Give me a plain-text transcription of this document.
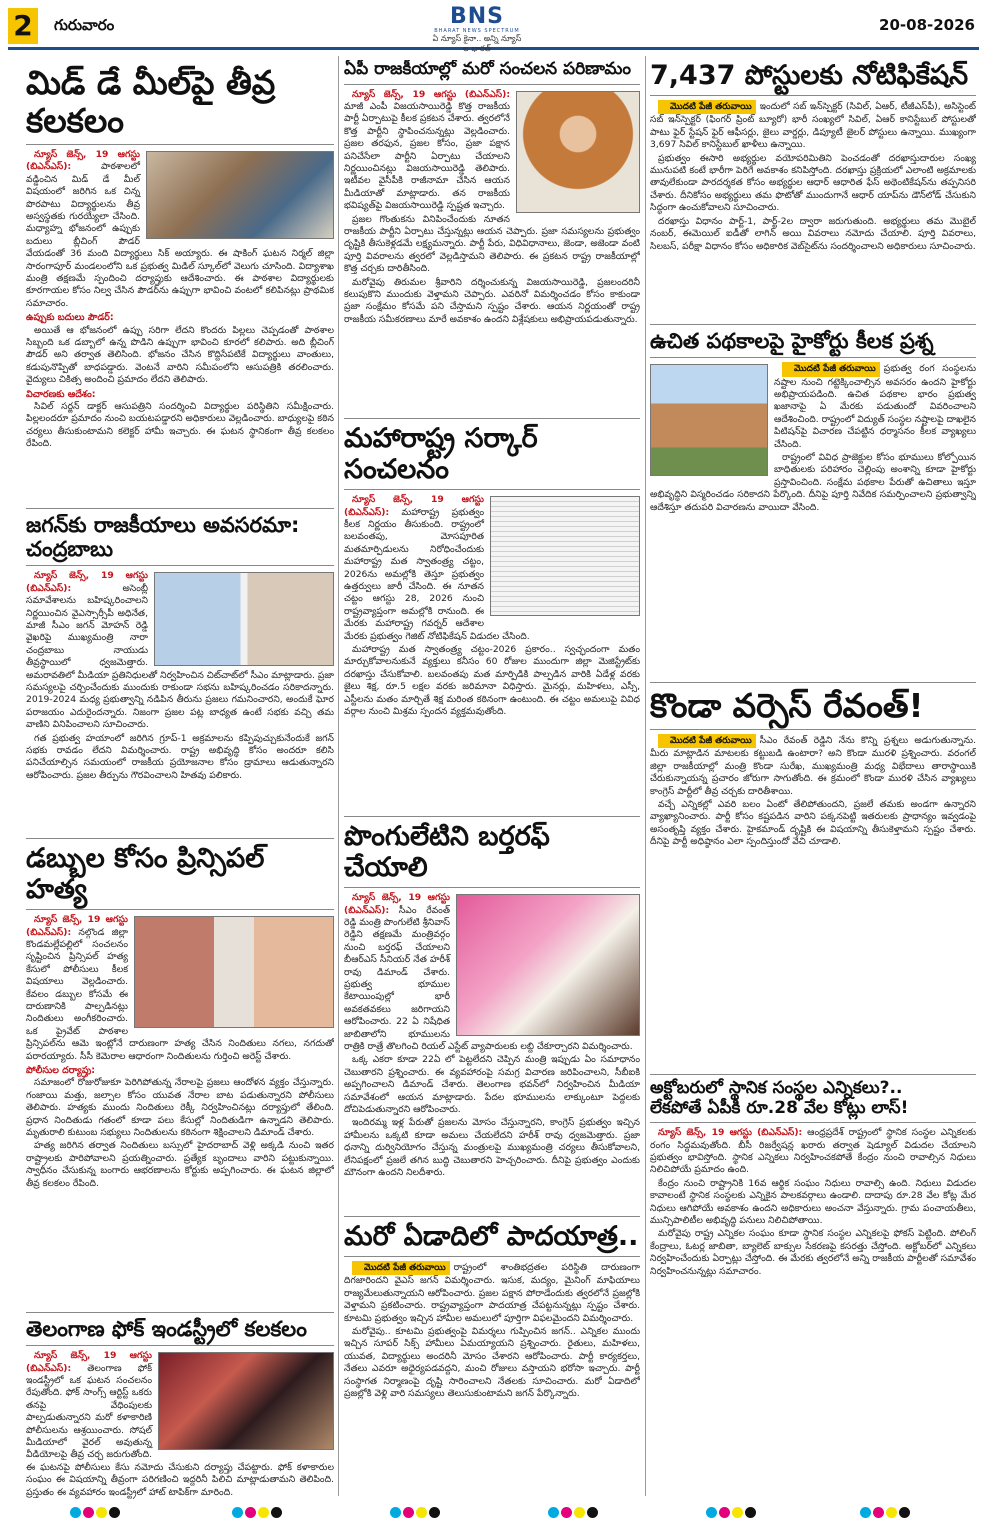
2	గురువారం	BNS
BHARAT NEWS SPECTRUM
ఏ న్యూస్ కైనా.. అన్ని న్యూస్ ల భారత్
20-08-2026
మిడ్ డే మీల్‌పై తీవ్ర కలకలం

న్యూస్ జెన్స్, 19 ఆగస్టు (బిఎన్ఎస్):	పాఠశాలలో వడ్డించిన మిడ్ డే మీల్ విషయంలో జరిగిన ఒక చిన్న పొరపాటు విద్యార్థులను తీవ్ర అస్వస్థతకు గురయ్యేలా చేసింది. మధ్యాహ్న భోజనంలో ఉప్పుకు బదులు బ్లీచింగ్ పౌడర్ వేయడంతో 36 మంది విద్యార్థులు సిక్ అయ్యారు. ఈ షాకింగ్ ఘటన నిర్మల్ జిల్లా సారంగాపూర్ మండలంలోని ఒక ప్రభుత్వ మిడిల్ స్కూల్‌లో వెలుగు చూసింది. విద్యాశాఖ మంత్రి తక్షణమే స్పందించి దర్యాప్తుకు ఆదేశించారు. ఈ పాఠశాల విద్యార్థులకు కూరగాయల కోసం నిల్వ చేసిన పౌడర్‌ను ఉప్పుగా భావించి వంటలో కలిపినట్లు ప్రాథమిక సమాచారం.

ఉప్పుకు బదులు పౌడర్:

అయితే ఆ భోజనంలో ఉప్పు సరిగా లేదని కొందరు పిల్లలు చెప్పడంతో పాఠశాల సిబ్బంది ఒక డబ్బాలో ఉన్న పొడిని ఉప్పుగా భావించి కూరలో కలిపారు. అది బ్లీచింగ్ పౌడర్ అని తర్వాత తెలిసింది. భోజనం చేసిన కొద్దిసేపటికే విద్యార్థులు వాంతులు, కడుపునొప్పితో బాధపడ్డారు. వెంటనే వారిని సమీపంలోని ఆసుపత్రికి తరలించారు. వైద్యులు చికిత్స అందించి ప్రమాదం లేదని తెలిపారు.

విచారణకు ఆదేశం:

సివిల్ సర్జన్ డాక్టర్ ఆసుపత్రిని సందర్శించి విద్యార్థుల పరిస్థితిని సమీక్షించారు. పిల్లలందరూ ప్రమాదం నుంచి బయటపడ్డారని అధికారులు వెల్లడించారు. బాధ్యులపై కఠిన చర్యలు తీసుకుంటామని కలెక్టర్ హామీ ఇచ్చారు. ఈ ఘటన స్థానికంగా తీవ్ర కలకలం రేపింది.

జగన్‌కు రాజకీయాలు అవసరమా: చంద్రబాబు

న్యూస్ జెన్స్, 19 ఆగస్టు (బిఎన్ఎస్):	అసెంబ్లీ సమావేశాలను బహిష్కరించాలని నిర్ణయించిన వైఎస్సార్సీపీ అధినేత, మాజీ సీఎం జగన్ మోహన్ రెడ్డి వైఖరిపై ముఖ్యమంత్రి నారా చంద్రబాబు నాయుడు తీవ్రస్థాయిలో ధ్వజమెత్తారు. అమరావతిలో మీడియా ప్రతినిధులతో నిర్వహించిన చిట్‌చాట్‌లో సీఎం మాట్లాడారు. ప్రజా సమస్యలపై చర్చించేందుకు ముందుకు రాకుండా సభను బహిష్కరించడం సరికాదన్నారు. 2019-2024 మధ్య ప్రభుత్వాన్ని నడిపిన తీరును ప్రజలు గమనించారని, అందుకే ఘోర పరాజయం ఎదురైందన్నారు. నిజంగా ప్రజల పట్ల బాధ్యత ఉంటే సభకు వచ్చి తమ వాణిని వినిపించాలని సూచించారు.

గత ప్రభుత్వ హయాంలో జరిగిన గ్రూప్-1 అక్రమాలను కప్పిపుచ్చుకునేందుకే జగన్ సభకు రావడం లేదని విమర్శించారు. రాష్ట్ర అభివృద్ధి కోసం అందరూ కలిసి పనిచేయాల్సిన సమయంలో రాజకీయ ప్రయోజనాల కోసం డ్రామాలు ఆడుతున్నారని ఆరోపించారు. ప్రజల తీర్పును గౌరవించాలని హితవు పలికారు.

డబ్బుల కోసం ప్రిన్సిపల్ హత్య

న్యూస్ జెన్స్, 19 ఆగస్టు (బిఎన్ఎస్): నల్గొండ జిల్లా కొండమల్లేపల్లిలో సంచలనం సృష్టించిన ప్రిన్సిపల్ హత్య కేసులో పోలీసులు కీలక విషయాలు వెల్లడించారు. కేవలం డబ్బుల కోసమే ఈ దారుణానికి పాల్పడినట్లు నిందితులు అంగీకరించారు. ఒక ప్రైవేట్ పాఠశాల ప్రిన్సిపల్‌ను ఆమె ఇంట్లోనే దారుణంగా హత్య చేసిన నిందితులు నగలు, నగదుతో పరారయ్యారు. సీసీ కెమెరాల ఆధారంగా నిందితులను గుర్తించి అరెస్ట్ చేశారు.

పోలీసుల దర్యాప్తు:

సమాజంలో రోజురోజుకూ పెరిగిపోతున్న నేరాలపై ప్రజలు ఆందోళన వ్యక్తం చేస్తున్నారు. గంజాయి మత్తు, జల్సాల కోసం యువత నేరాల బాట పడుతున్నారని పోలీసులు తెలిపారు. హత్యకు ముందు నిందితులు రెక్కీ నిర్వహించినట్లు దర్యాప్తులో తేలింది. ప్రధాన నిందితుడు గతంలో కూడా పలు కేసుల్లో నిందితుడిగా ఉన్నాడని తెలిపారు. మృతురాలి కుటుంబ సభ్యులు నిందితులను కఠినంగా శిక్షించాలని డిమాండ్ చేశారు.

హత్య జరిగిన తర్వాత నిందితులు బస్సులో హైదరాబాద్ వెళ్లి అక్కడి నుంచి ఇతర రాష్ట్రాలకు పారిపోవాలని ప్రయత్నించారు. ప్రత్యేక బృందాలు వారిని పట్టుకున్నాయి. స్వాధీనం చేసుకున్న బంగారు ఆభరణాలను కోర్టుకు అప్పగించారు. ఈ ఘటన జిల్లాలో తీవ్ర కలకలం రేపింది.

తెలంగాణ ఫోక్ ఇండస్ట్రీలో కలకలం

న్యూస్ జెన్స్, 19 ఆగస్టు (బిఎన్ఎస్): తెలంగాణ ఫోక్ ఇండస్ట్రీలో ఒక ఘటన సంచలనం రేపుతోంది. ఫోక్ సాంగ్స్ ఆర్టిస్ట్ ఒకరు తనపై వేధింపులకు పాల్పడుతున్నారని మరో కళాకారిణి పోలీసులను ఆశ్రయించారు. సోషల్ మీడియాలో వైరల్ అవుతున్న వీడియోలపై తీవ్ర చర్చ జరుగుతోంది. ఈ ఘటనపై పోలీసులు కేసు నమోదు చేసుకుని దర్యాప్తు చేపట్టారు. ఫోక్ కళాకారుల సంఘం ఈ విషయాన్ని తీవ్రంగా పరిగణించి ఇద్దరినీ పిలిచి మాట్లాడుతామని తెలిపింది. ప్రస్తుతం ఈ వ్యవహారం ఇండస్ట్రీలో హాట్ టాపిక్‌గా మారింది.

ఏపీ రాజకీయాల్లో మరో సంచలన పరిణామం

న్యూస్ జెన్స్, 19 ఆగస్టు (బిఎన్ఎస్): మాజీ ఎంపీ విజయసాయిరెడ్డి కొత్త రాజకీయ పార్టీ ఏర్పాటుపై కీలక ప్రకటన చేశారు. త్వరలోనే కొత్త పార్టీని స్థాపించనున్నట్లు వెల్లడించారు. ప్రజల తరఫున, ప్రజల కోసం, ప్రజా పక్షాన పనిచేసేలా పార్టీని ఏర్పాటు చేయాలని నిర్ణయించినట్లు విజయసాయిరెడ్డి తెలిపారు. ఇటీవల వైసీపీకి రాజీనామా చేసిన ఆయన మీడియాతో మాట్లాడారు. తన రాజకీయ భవిష్యత్‌పై విజయసాయిరెడ్డి స్పష్టత ఇచ్చారు.

ప్రజల గొంతుకను వినిపించేందుకు నూతన రాజకీయ పార్టీని ఏర్పాటు చేస్తున్నట్లు ఆయన చెప్పారు. ప్రజా సమస్యలను ప్రభుత్వం దృష్టికి తీసుకెళ్లడమే లక్ష్యమన్నారు. పార్టీ పేరు, విధివిధానాలు, జెండా, అజెండా వంటి పూర్తి వివరాలను త్వరలో వెల్లడిస్తామని తెలిపారు. ఈ ప్రకటన రాష్ట్ర రాజకీయాల్లో కొత్త చర్చకు దారితీసింది.

మరోవైపు తిరుమల శ్రీవారిని దర్శించుకున్న విజయసాయిరెడ్డి, ప్రజలందరినీ కలుపుకొని ముందుకు వెళ్తామని చెప్పారు. ఎవరినో విమర్శించడం కోసం కాకుండా ప్రజా సంక్షేమం కోసమే పని చేస్తామని స్పష్టం చేశారు. ఆయన నిర్ణయంతో రాష్ట్ర రాజకీయ సమీకరణాలు మారే అవకాశం ఉందని విశ్లేషకులు అభిప్రాయపడుతున్నారు.

మహారాష్ట్ర సర్కార్ సంచలనం

న్యూస్ జెన్స్, 19 ఆగస్టు (బిఎన్ఎస్): మహారాష్ట్ర ప్రభుత్వం కీలక నిర్ణయం తీసుకుంది. రాష్ట్రంలో బలవంతపు, మోసపూరిత మతమార్పిడులను నిరోధించేందుకు మహారాష్ట్ర మత స్వాతంత్ర్య చట్టం, 2026ను అమల్లోకి తెస్తూ ప్రభుత్వం ఉత్తర్వులు జారీ చేసింది. ఈ నూతన చట్టం ఆగస్టు 28, 2026 నుంచి రాష్ట్రవ్యాప్తంగా అమల్లోకి రానుంది. ఈ మేరకు మహారాష్ట్ర గవర్నర్ ఆదేశాల మేరకు ప్రభుత్వం గెజిట్ నోటిఫికేషన్ విడుదల చేసింది.

మహారాష్ట్ర మత స్వాతంత్ర్య చట్టం-2026 ప్రకారం.. స్వచ్ఛందంగా మతం మార్చుకోవాలనుకునే వ్యక్తులు కనీసం 60 రోజుల ముందుగా జిల్లా మెజిస్ట్రేట్‌కు దరఖాస్తు చేసుకోవాలి. బలవంతపు మత మార్పిడికి పాల్పడిన వారికి ఏడేళ్ల వరకు జైలు శిక్ష, రూ.5 లక్షల వరకు జరిమానా విధిస్తారు. మైనర్లు, మహిళలు, ఎస్సీ, ఎస్టీలను మతం మార్చితే శిక్ష మరింత కఠినంగా ఉంటుంది. ఈ చట్టం అమలుపై వివిధ వర్గాల నుంచి మిశ్రమ స్పందన వ్యక్తమవుతోంది.

పొంగులేటిని బర్తరఫ్ చేయాలి

న్యూస్ జెన్స్, 19 ఆగస్టు (బిఎన్ఎస్): సీఎం రేవంత్ రెడ్డి మంత్రి పొంగులేటి శ్రీనివాస్ రెడ్డిని తక్షణమే మంత్రివర్గం నుంచి బర్తరఫ్ చేయాలని బీఆర్ఎస్ సీనియర్ నేత హరీశ్ రావు డిమాండ్ చేశారు. ప్రభుత్వ భూముల కేటాయింపుల్లో భారీ అవకతవకలు జరిగాయని ఆరోపించారు. 22 ఏ నిషేధిత జాబితాలోని భూములను రాత్రికి రాత్రే తొలగించి రియల్ ఎస్టేట్ వ్యాపారులకు లబ్ది చేకూర్చారని విమర్శించారు.

ఒక్క ఎకరా కూడా 22ఏ లో పెట్టలేదని చెప్పిన మంత్రి ఇప్పుడు ఏం సమాధానం చెబుతారని ప్రశ్నించారు. ఈ వ్యవహారంపై సమగ్ర విచారణ జరిపించాలని, సీబీఐకి అప్పగించాలని డిమాండ్ చేశారు. తెలంగాణ భవన్‌లో నిర్వహించిన మీడియా సమావేశంలో ఆయన మాట్లాడారు. పేదల భూములను లాక్కుంటూ పెద్దలకు దోచిపెడుతున్నారని ఆరోపించారు.

ఇందిరమ్మ ఇళ్ల పేరుతో ప్రజలను మోసం చేస్తున్నారని, కాంగ్రెస్ ప్రభుత్వం ఇచ్చిన హామీలను ఒక్కటి కూడా అమలు చేయలేదని హరీశ్ రావు ధ్వజమెత్తారు. ప్రజా ధనాన్ని దుర్వినియోగం చేస్తున్న మంత్రులపై ముఖ్యమంత్రి చర్యలు తీసుకోవాలని, లేనిపక్షంలో ప్రజలే తగిన బుద్ధి చెబుతారని హెచ్చరించారు. దీనిపై ప్రభుత్వం ఎందుకు మౌనంగా ఉందని నిలదీశారు.

మరో ఏడాదిలో పాదయాత్ర..

మొదటి పేజీ తరువాయి రాష్ట్రంలో శాంతిభద్రతల పరిస్థితి దారుణంగా దిగజారిందని వైఎస్ జగన్ విమర్శించారు. ఇసుక, మద్యం, మైనింగ్ మాఫియాలు రాజ్యమేలుతున్నాయని ఆరోపించారు. ప్రజల పక్షాన పోరాడేందుకు త్వరలోనే ప్రజల్లోకి వెళ్తామని ప్రకటించారు. రాష్ట్రవ్యాప్తంగా పాదయాత్ర చేపట్టనున్నట్లు స్పష్టం చేశారు. కూటమి ప్రభుత్వం ఇచ్చిన హామీల అమలులో పూర్తిగా విఫలమైందని విమర్శించారు.

మరోవైపు.. కూటమి ప్రభుత్వంపై విమర్శలు గుప్పించిన జగన్.. ఎన్నికల ముందు ఇచ్చిన సూపర్ సిక్స్ హామీలు ఏమయ్యాయని ప్రశ్నించారు. రైతులు, మహిళలు, యువత, విద్యార్థులు అందరినీ మోసం చేశారని ఆరోపించారు. పార్టీ కార్యకర్తలు, నేతలు ఎవరూ అధైర్యపడవద్దని, మంచి రోజులు వస్తాయని భరోసా ఇచ్చారు. పార్టీ సంస్థాగత నిర్మాణంపై దృష్టి సారించాలని నేతలకు సూచించారు. మరో ఏడాదిలో ప్రజల్లోకి వెళ్లి వారి సమస్యలు తెలుసుకుంటామని జగన్ పేర్కొన్నారు.

7,437 పోస్టులకు నోటిఫికేషన్

మొదటి పేజీ తరువాయి ఇందులో సబ్ ఇన్‌స్పెక్టర్ (సివిల్, ఏఆర్, టీజీఎస్‌పీ), అసిస్టెంట్ సబ్ ఇన్‌స్పెక్టర్ (ఫింగర్ ప్రింట్ బ్యూరో) భారీ సంఖ్యలో సివిల్, ఏఆర్ కానిస్టేబుల్ పోస్టులతో పాటు ఫైర్ స్టేషన్ ఫైర్ ఆఫీసర్లు, జైలు వార్డర్లు, డిప్యూటీ జైలర్ పోస్టులు ఉన్నాయి. ముఖ్యంగా 3,697 సివిల్ కానిస్టేబుల్ ఖాళీలు ఉన్నాయి.

ప్రభుత్వం ఈసారి అభ్యర్థుల వయోపరిమితిని పెంచడంతో దరఖాస్తుదారుల సంఖ్య మునుపటి కంటే భారీగా పెరిగే అవకాశం కనిపిస్తోంది. దరఖాస్తు ప్రక్రియలో ఎలాంటి అక్రమాలకు తావులేకుండా పారదర్శకత కోసం అభ్యర్థుల ఆధార్ ఆధారిత ఫేస్ అథెంటికేషన్‌ను తప్పనిసరి చేశారు. దీనికోసం అభ్యర్థులు తమ ఫొటోతో ముందుగానే ఆధార్ యాప్‌ను డౌన్‌లోడ్ చేసుకుని సిద్ధంగా ఉంచుకోవాలని సూచించారు.

దరఖాస్తు విధానం పార్ట్-1, పార్ట్-2ల ద్వారా జరుగుతుంది. అభ్యర్థులు తమ మొబైల్ నంబర్, ఈమెయిల్ ఐడీతో లాగిన్ అయి వివరాలు నమోదు చేయాలి. పూర్తి వివరాలు, సిలబస్, పరీక్షా విధానం కోసం అధికారిక వెబ్‌సైట్‌ను సందర్శించాలని అధికారులు సూచించారు.

ఉచిత పథకాలపై హైకోర్టు కీలక ప్రశ్న

మొదటి పేజీ తరువాయి ప్రభుత్వ రంగ సంస్థలను నష్టాల నుంచి గట్టెక్కించాల్సిన అవసరం ఉందని హైకోర్టు అభిప్రాయపడింది. ఉచిత పథకాల భారం ప్రభుత్వ ఖజానాపై ఏ మేరకు పడుతుందో వివరించాలని ఆదేశించింది. రాష్ట్రంలో విద్యుత్ సంస్థల నష్టాలపై దాఖలైన పిటిషన్‌పై విచారణ చేపట్టిన ధర్మాసనం కీలక వ్యాఖ్యలు చేసింది.

రాష్ట్రంలో వివిధ ప్రాజెక్టుల కోసం భూములు కోల్పోయిన బాధితులకు పరిహారం చెల్లింపు అంశాన్ని కూడా హైకోర్టు ప్రస్తావించింది. సంక్షేమ పథకాల పేరుతో ఉచితాలు ఇస్తూ అభివృద్ధిని విస్మరించడం సరికాదని పేర్కొంది. దీనిపై పూర్తి నివేదిక సమర్పించాలని ప్రభుత్వాన్ని ఆదేశిస్తూ తదుపరి విచారణను వాయిదా వేసింది.

కొండా వర్సెస్ రేవంత్!

మొదటి పేజీ తరువాయి సీఎం రేవంత్ రెడ్డిని నేను కొన్ని ప్రశ్నలు అడుగుతున్నాను. మీరు మాట్లాడిన మాటలకు కట్టుబడి ఉంటారా? అని కొండా మురళి ప్రశ్నించారు. వరంగల్ జిల్లా రాజకీయాల్లో మంత్రి కొండా సురేఖ, ముఖ్యమంత్రి మధ్య విభేదాలు తారాస్థాయికి చేరుకున్నాయన్న ప్రచారం జోరుగా సాగుతోంది. ఈ క్రమంలో కొండా మురళి చేసిన వ్యాఖ్యలు కాంగ్రెస్ పార్టీలో తీవ్ర చర్చకు దారితీశాయి.

వచ్చే ఎన్నికల్లో ఎవరి బలం ఏంటో తేలిపోతుందని, ప్రజలే తమకు అండగా ఉన్నారని వ్యాఖ్యానించారు. పార్టీ కోసం కష్టపడిన వారిని పక్కనపెట్టి ఇతరులకు ప్రాధాన్యం ఇవ్వడంపై అసంతృప్తి వ్యక్తం చేశారు. హైకమాండ్ దృష్టికి ఈ విషయాన్ని తీసుకెళ్తామని స్పష్టం చేశారు. దీనిపై పార్టీ అధిష్ఠానం ఎలా స్పందిస్తుందో వేచి చూడాలి.

అక్టోబరులో స్థానిక సంస్థల ఎన్నికలు?..
లేకపోతే ఏపీకి రూ.28 వేల కోట్లు లాస్!

న్యూస్ జెన్స్, 19 ఆగస్టు (బిఎన్ఎస్): ఆంధ్రప్రదేశ్ రాష్ట్రంలో స్థానిక సంస్థల ఎన్నికలకు రంగం సిద్ధమవుతోంది. బీసీ రిజర్వేషన్ల ఖరారు తర్వాత షెడ్యూల్ విడుదల చేయాలని ప్రభుత్వం భావిస్తోంది. స్థానిక ఎన్నికలు నిర్వహించకపోతే కేంద్రం నుంచి రావాల్సిన నిధులు నిలిచిపోయే ప్రమాదం ఉంది.

కేంద్రం నుంచి రాష్ట్రానికి 16వ ఆర్థిక సంఘం నిధులు రావాల్సి ఉంది. నిధులు విడుదల కావాలంటే స్థానిక సంస్థలకు ఎన్నికైన పాలకవర్గాలు ఉండాలి. దాదాపు రూ.28 వేల కోట్ల మేర నిధులు ఆగిపోయే అవకాశం ఉందని అధికారులు అంచనా వేస్తున్నారు. గ్రామ పంచాయతీలు, మున్సిపాలిటీల అభివృద్ధి పనులు నిలిచిపోతాయి.

మరోవైపు రాష్ట్ర ఎన్నికల సంఘం కూడా స్థానిక సంస్థల ఎన్నికలపై ఫోకస్ పెట్టింది. పోలింగ్ కేంద్రాలు, ఓటర్ల జాబితా, బ్యాలెట్ బాక్సుల సేకరణపై కసరత్తు చేస్తోంది. అక్టోబర్‌లో ఎన్నికలు నిర్వహించేందుకు ఏర్పాట్లు చేస్తోంది. ఈ మేరకు త్వరలోనే అన్ని రాజకీయ పార్టీలతో సమావేశం నిర్వహించనున్నట్లు సమాచారం.
